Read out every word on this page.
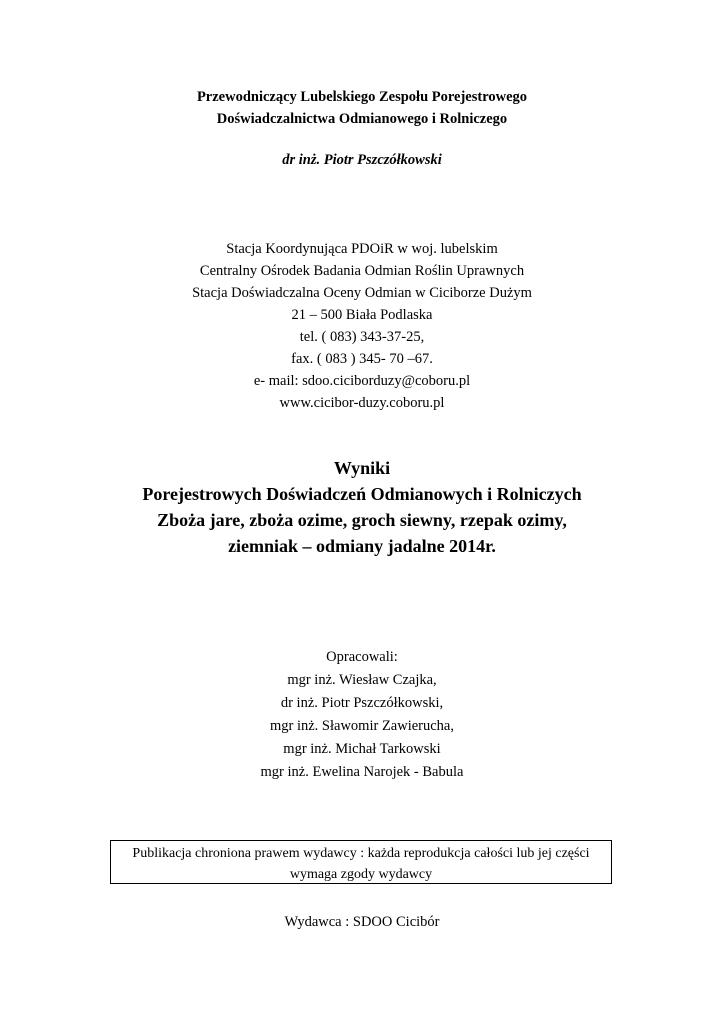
Przewodniczący Lubelskiego Zespołu Porejestrowego
Doświadczalnictwa Odmianowego i Rolniczego
dr inż. Piotr Pszczółkowski
Stacja Koordynująca PDOiR w woj. lubelskim
Centralny Ośrodek Badania Odmian Roślin Uprawnych
Stacja Doświadczalna Oceny Odmian w Ciciborze Dużym
21 – 500 Biała Podlaska
tel. ( 083) 343-37-25,
fax. ( 083 ) 345- 70 –67.
e- mail: sdoo.ciciborduzy@coboru.pl
www.cicibor-duzy.coboru.pl
Wyniki
Porejestrowych Doświadczeń Odmianowych i Rolniczych
Zboża jare, zboża ozime, groch siewny, rzepak ozimy,
ziemniak – odmiany jadalne 2014r.
Opracowali:
mgr inż. Wiesław Czajka,
dr inż. Piotr Pszczółkowski,
mgr inż. Sławomir Zawierucha,
mgr inż. Michał Tarkowski
mgr inż. Ewelina Narojek - Babula
Publikacja chroniona prawem wydawcy : każda reprodukcja całości lub jej części
wymaga zgody wydawcy
Wydawca : SDOO Cicibór
